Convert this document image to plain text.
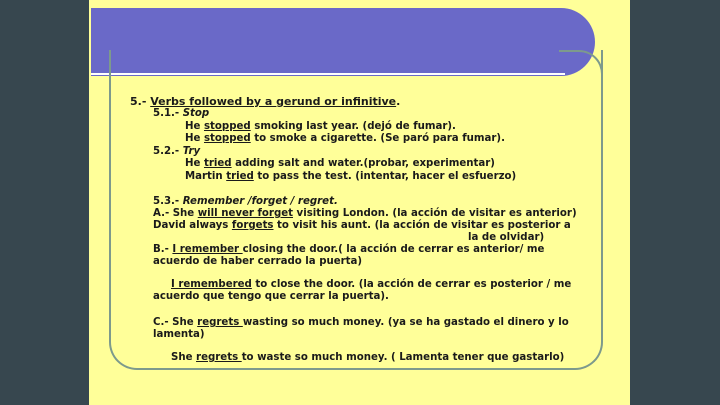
5.- Verbs followed by a gerund or infinitive.
5.1.- Stop
He stopped smoking last year. (dejó de fumar).
He stopped to smoke a cigarette. (Se paró para fumar).
5.2.- Try
He tried adding salt and water.(probar, experimentar)
Martin tried to pass the test. (intentar, hacer el esfuerzo)
5.3.- Remember /forget / regret.
A.- She will never forget visiting London. (la acción de visitar es anterior)
David always forgets to visit his aunt. (la acción de visitar es posterior a
la de olvidar)
B.- I remember closing the door.( la acción de cerrar es anterior/ me
acuerdo de haber cerrado la puerta)
I remembered to close the door. (la acción de cerrar es posterior / me
acuerdo que tengo que cerrar la puerta).
C.- She regrets wasting so much money. (ya se ha gastado el dinero y lo
lamenta)
She regrets to waste so much money. ( Lamenta tener que gastarlo)
